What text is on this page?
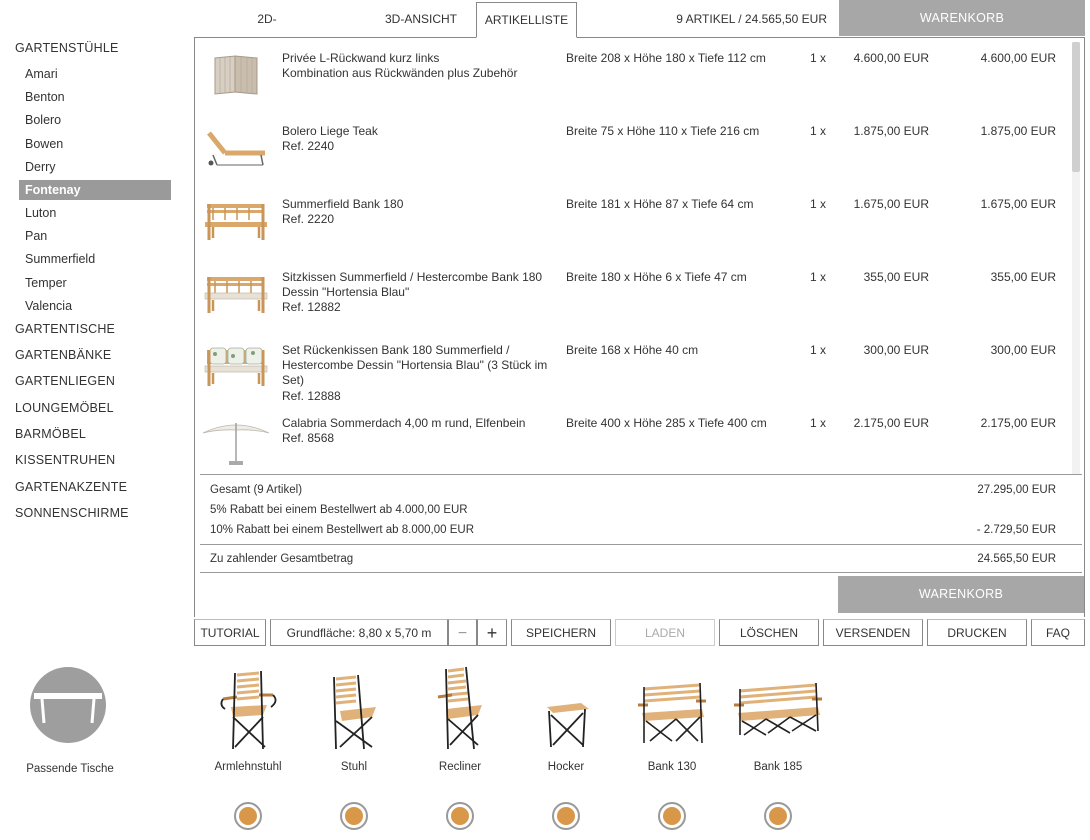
GARTENSTÜHLE
Amari
Benton
Bolero
Bowen
Derry
Fontenay
Luton
Pan
Summerfield
Temper
Valencia
GARTENTISCHE
GARTENBÄNKE
GARTENLIEGEN
LOUNGEMÖBEL
BARMÖBEL
KISSENTRUHEN
GARTENAKZENTE
SONNENSCHIRME
2D-	3D-ANSICHT	ARTIKELLISTE	9 ARTIKEL / 24.565,50 EUR	WARENKORB
Privée L-Rückwand kurz links
Kombination aus Rückwänden plus Zubehör
Breite 208 x Höhe 180 x Tiefe 112 cm	1 x 4.600,00 EUR	4.600,00 EUR
Bolero Liege Teak
Ref. 2240
Breite 75 x Höhe 110 x Tiefe 216 cm	1 x 1.875,00 EUR	1.875,00 EUR
Summerfield Bank 180
Ref. 2220
Breite 181 x Höhe 87 x Tiefe 64 cm	1 x 1.675,00 EUR	1.675,00 EUR
Sitzkissen Summerfield / Hestercombe Bank 180
Dessin "Hortensia Blau"
Ref. 12882
Breite 180 x Höhe 6 x Tiefe 47 cm	1 x	355,00 EUR	355,00 EUR
Set Rückenkissen Bank 180 Summerfield /
Hestercombe Dessin "Hortensia Blau" (3 Stück im
Set)
Ref. 12888
Breite 168 x Höhe 40 cm	1 x	300,00 EUR	300,00 EUR
Calabria Sommerdach 4,00 m rund, Elfenbein
Ref. 8568
Breite 400 x Höhe 285 x Tiefe 400 cm	1 x 2.175,00 EUR	2.175,00 EUR
Gesamt (9 Artikel)	27.295,00 EUR
5% Rabatt bei einem Bestellwert ab 4.000,00 EUR
10% Rabatt bei einem Bestellwert ab 8.000,00 EUR	- 2.729,50 EUR
Zu zahlender Gesamtbetrag	24.565,50 EUR
WARENKORB
TUTORIAL	Grundfläche: 8,80 x 5,70 m	−	+	SPEICHERN	LADEN	LÖSCHEN	VERSENDEN	DRUCKEN	FAQ
Passende Tische	Armlehnstuhl	Stuhl	Recliner	Hocker	Bank 130	Bank 185
